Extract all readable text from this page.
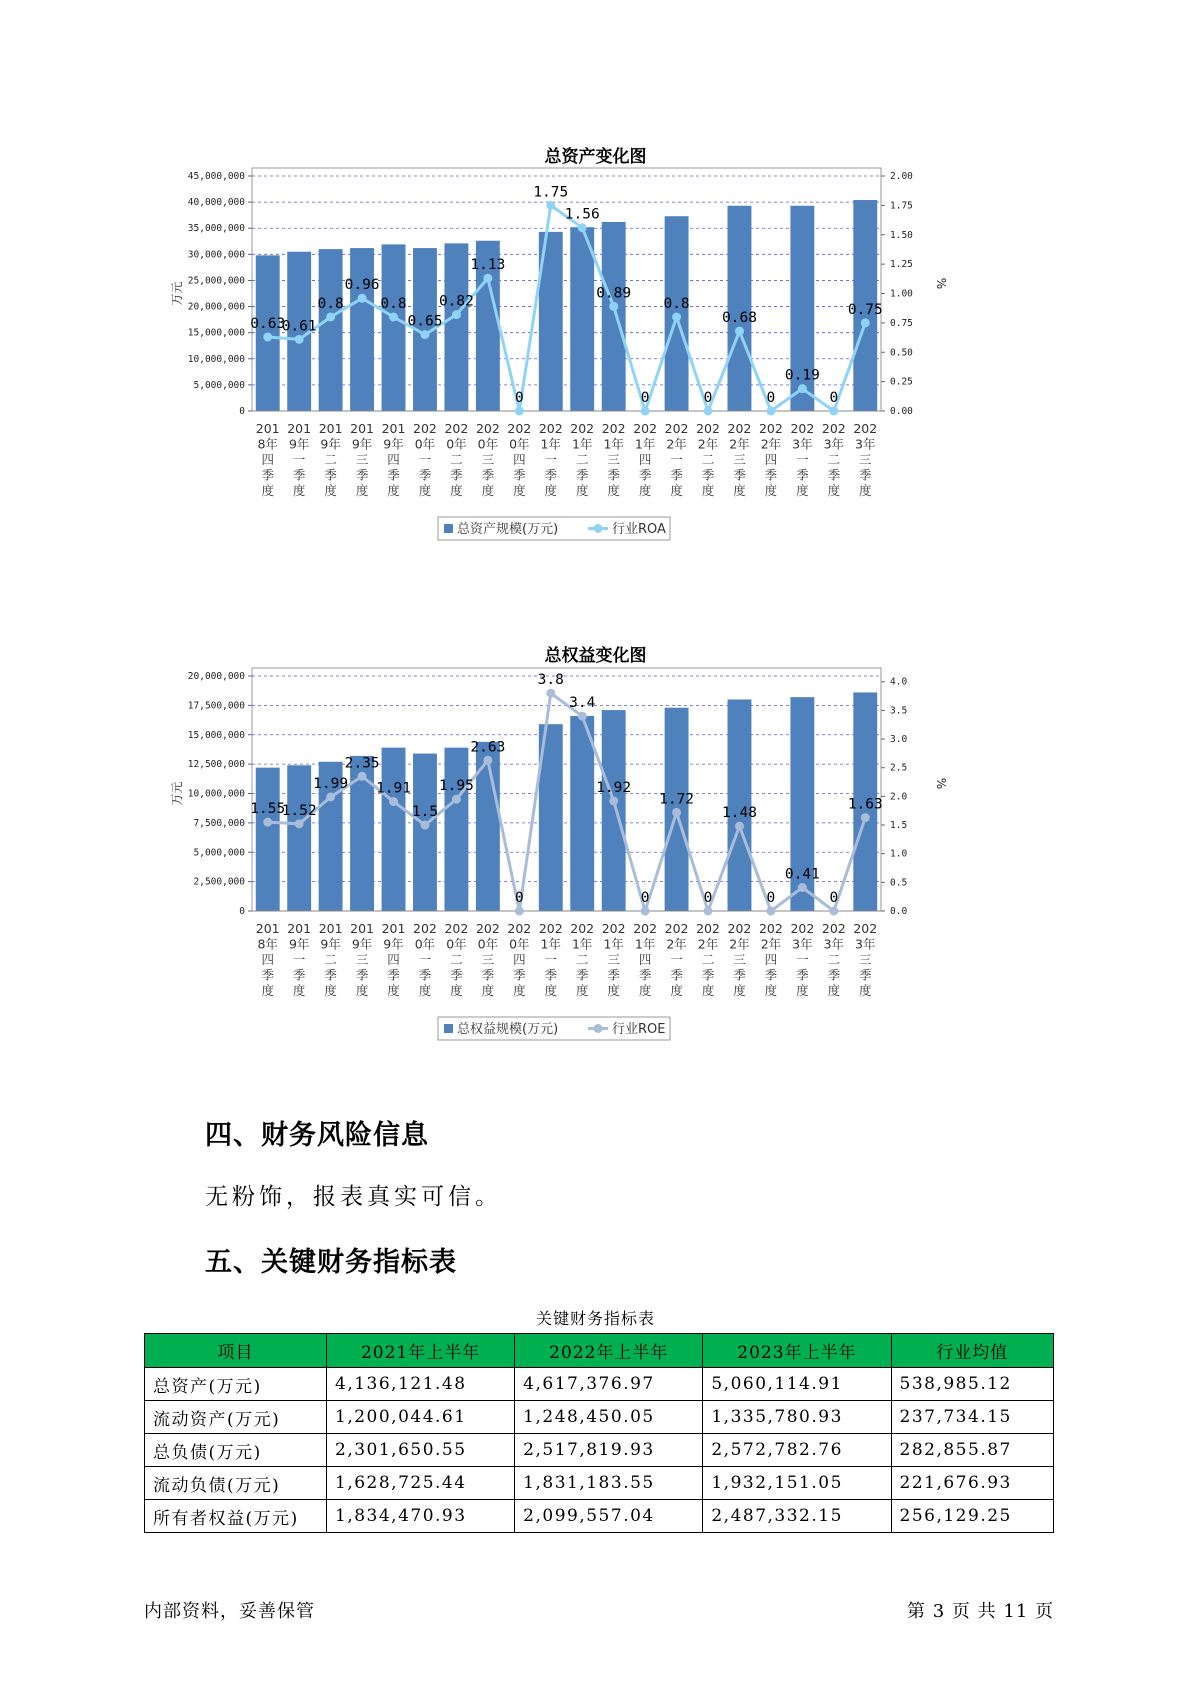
总资产变化图
0
5,000,000
10,000,000
15,000,000
20,000,000
25,000,000
30,000,000
35,000,000
40,000,000
45,000,000
0.00
0.25
0.50
0.75
1.00
1.25
1.50
1.75
2.00
万元	%
0.63
0.61
0.8
0.96
0.8
0.65
0.82
1.13
0
1.75
1.56
0.89
0
0.8
0
0.68
0
0.19
0
0.75
201
8年
四
季
度
201
9年
一
季
度
201
9年
二
季
度
201
9年
三
季
度
201
9年
四
季
度
202
0年
一
季
度
202
0年
二
季
度
202
0年
三
季
度
202
0年
四
季
度
202
1年
一
季
度
202
1年
二
季
度
202
1年
三
季
度
202
1年
四
季
度
202
2年
一
季
度
202
2年
二
季
度
202
2年
三
季
度
202
2年
四
季
度
202
3年
一
季
度
202
3年
二
季
度
202
3年
三
季
度
总资产规模(万元)	行业ROA
总权益变化图
0
2,500,000
5,000,000
7,500,000
10,000,000
12,500,000
15,000,000
17,500,000
20,000,000
0.0
0.5
1.0
1.5
2.0
2.5
3.0
3.5
4.0
万元	%
1.55
1.52
1.99
2.35
1.91
1.5
1.95
2.63
0
3.8
3.4
1.92
0
1.72
0
1.48
0
0.41
0
1.63
201
8年
四
季
度
201
9年
一
季
度
201
9年
二
季
度
201
9年
三
季
度
201
9年
四
季
度
202
0年
一
季
度
202
0年
二
季
度
202
0年
三
季
度
202
0年
四
季
度
202
1年
一
季
度
202
1年
二
季
度
202
1年
三
季
度
202
1年
四
季
度
202
2年
一
季
度
202
2年
二
季
度
202
2年
三
季
度
202
2年
四
季
度
202
3年
一
季
度
202
3年
二
季
度
202
3年
三
季
度
总权益规模(万元)	行业ROE
四、财务风险信息

无粉饰，报表真实可信。

五、关键财务指标表
关键财务指标表
项目	2021年上半年	2022年上半年	2023年上半年	行业均值
总资产(万元)	4,136,121.48	4,617,376.97	5,060,114.91	538,985.12
流动资产(万元)	1,200,044.61	1,248,450.05	1,335,780.93	237,734.15
总负债(万元)	2,301,650.55	2,517,819.93	2,572,782.76	282,855.87
流动负债(万元)	1,628,725.44	1,831,183.55	1,932,151.05	221,676.93
所有者权益(万元)	1,834,470.93	2,099,557.04	2,487,332.15	256,129.25
内部资料，妥善保管	第 3 页 共 11 页
